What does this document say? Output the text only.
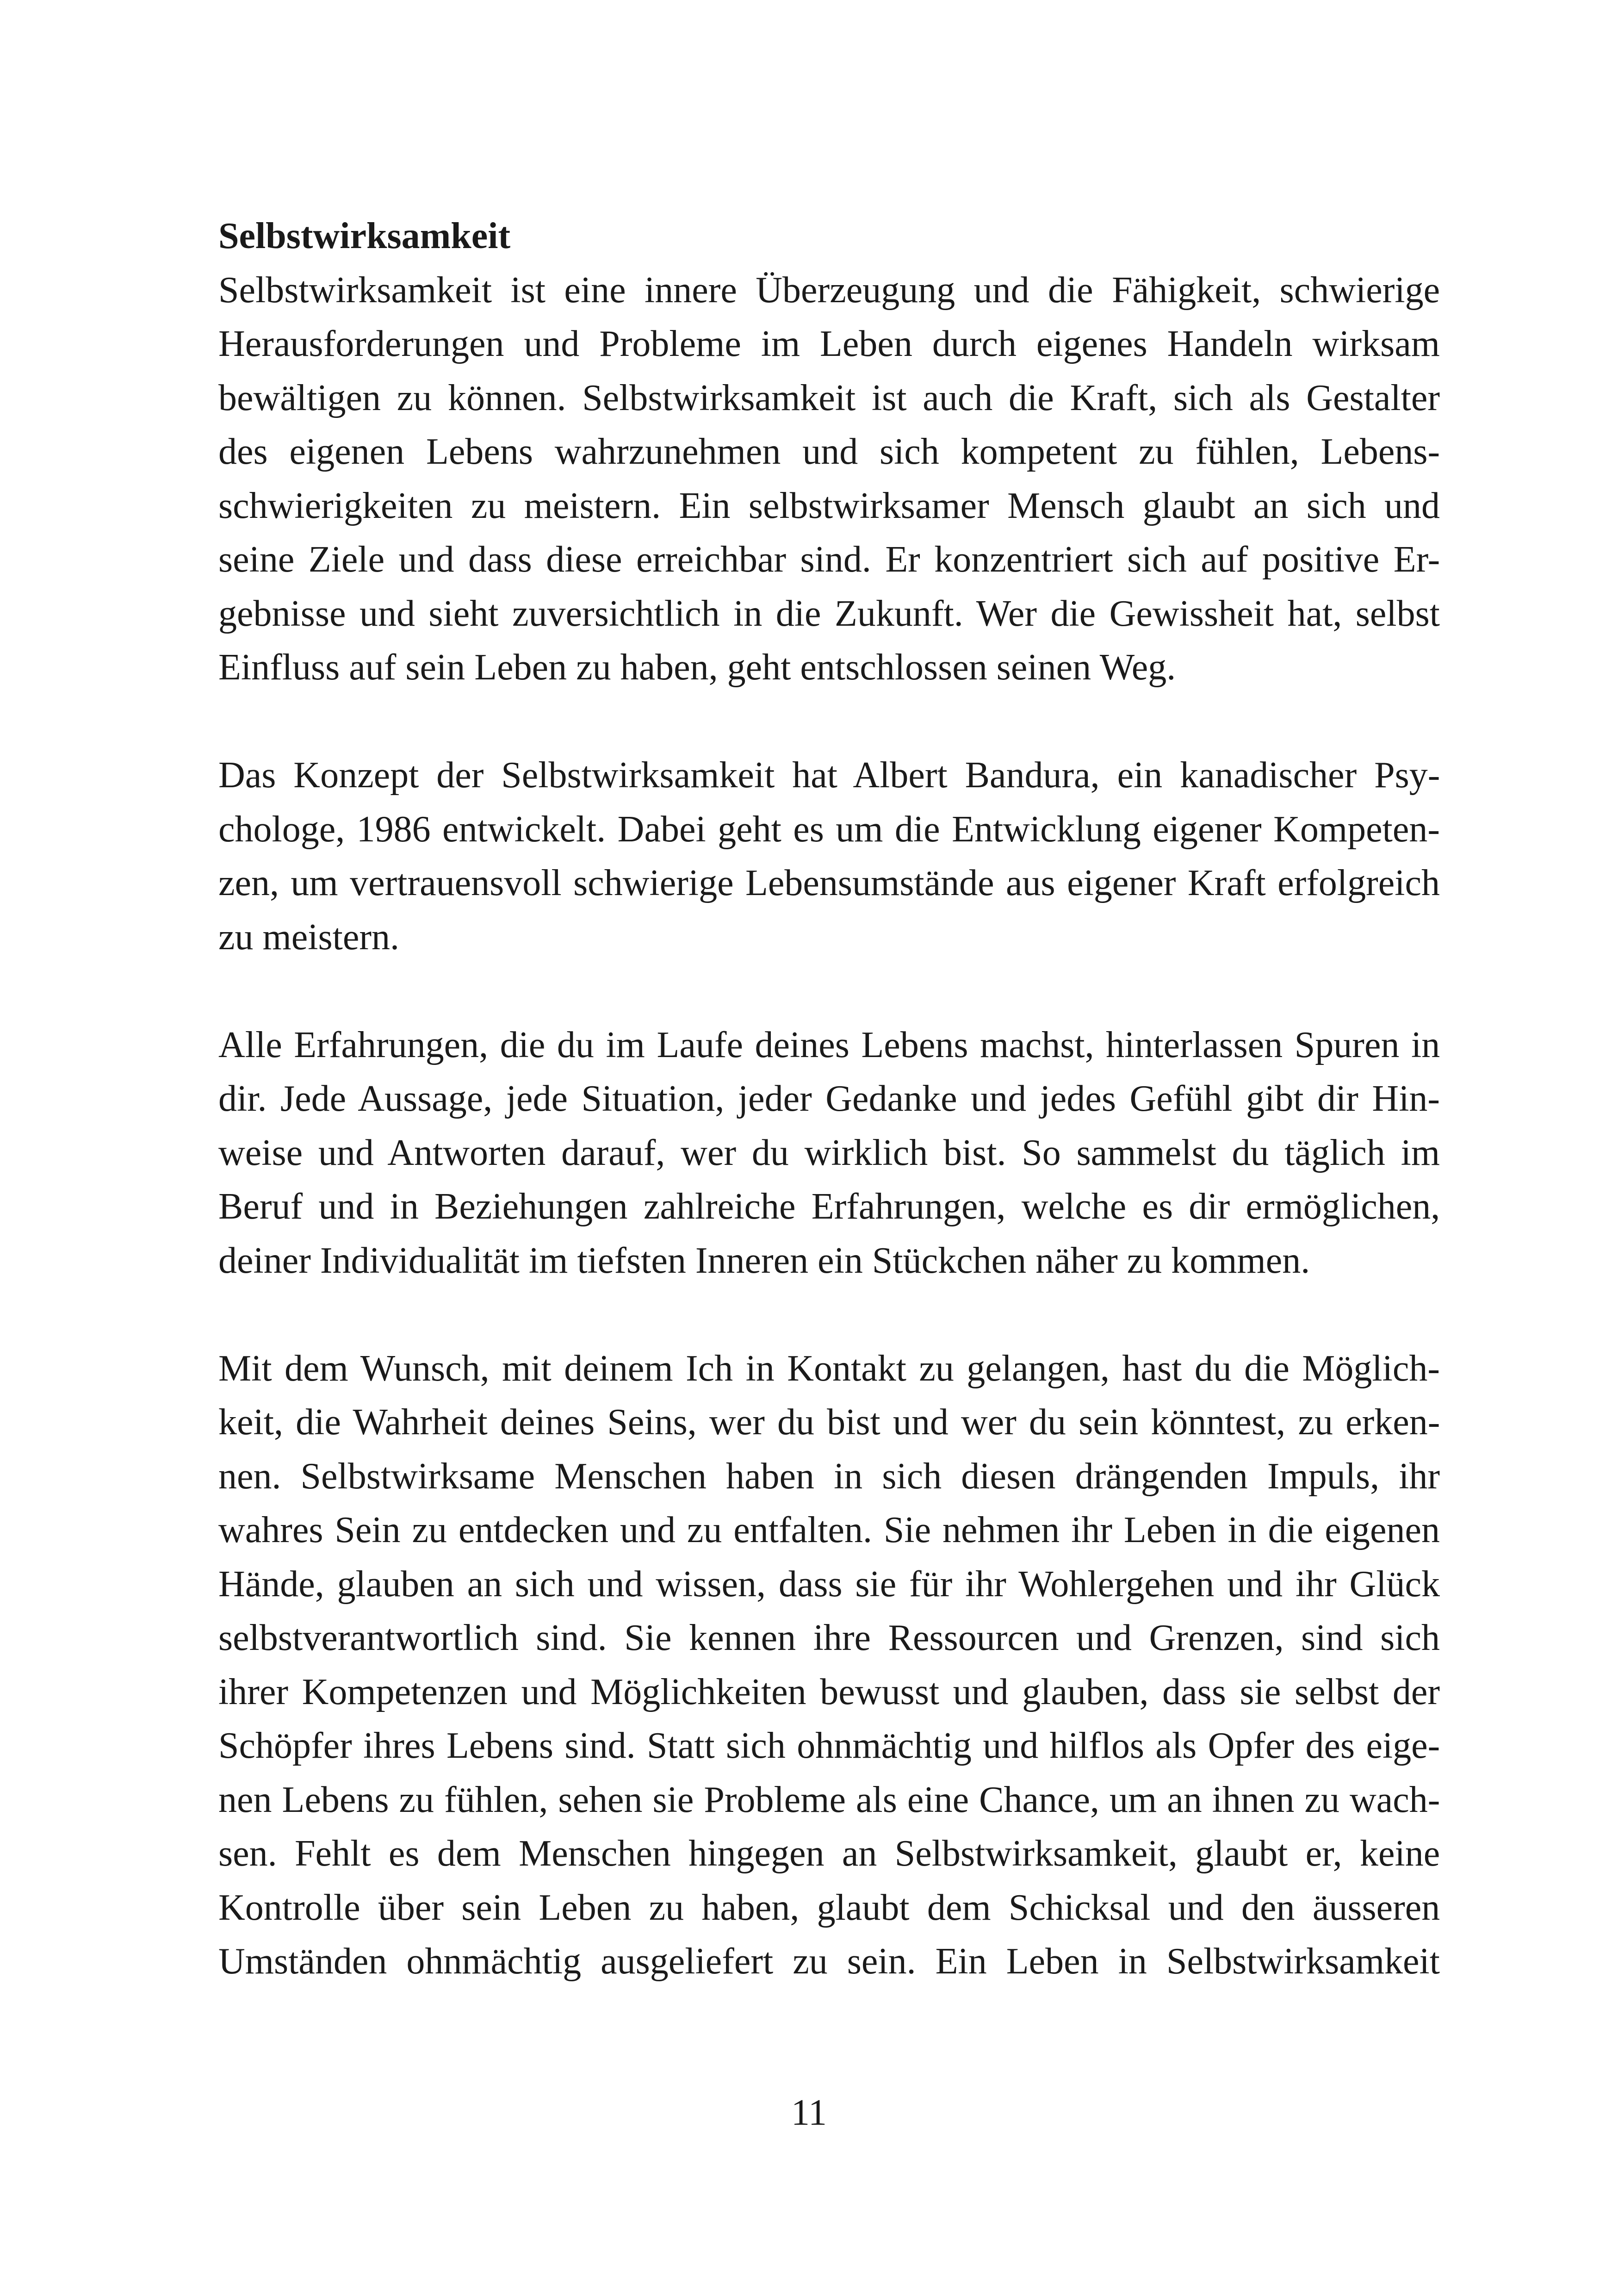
Selbstwirksamkeit
Selbstwirksamkeit ist eine innere Überzeugung und die Fähigkeit, schwierige
Herausforderungen und Probleme im Leben durch eigenes Handeln wirksam
bewältigen zu können. Selbstwirksamkeit ist auch die Kraft, sich als Gestalter
des eigenen Lebens wahrzunehmen und sich kompetent zu fühlen, Lebens-
schwierigkeiten zu meistern. Ein selbstwirksamer Mensch glaubt an sich und
seine Ziele und dass diese erreichbar sind. Er konzentriert sich auf positive Er-
gebnisse und sieht zuversichtlich in die Zukunft. Wer die Gewissheit hat, selbst
Einfluss auf sein Leben zu haben, geht entschlossen seinen Weg.
Das Konzept der Selbstwirksamkeit hat Albert Bandura, ein kanadischer Psy-
chologe, 1986 entwickelt. Dabei geht es um die Entwicklung eigener Kompeten-
zen, um vertrauensvoll schwierige Lebensumstände aus eigener Kraft erfolgreich
zu meistern.
Alle Erfahrungen, die du im Laufe deines Lebens machst, hinterlassen Spuren in
dir. Jede Aussage, jede Situation, jeder Gedanke und jedes Gefühl gibt dir Hin-
weise und Antworten darauf, wer du wirklich bist. So sammelst du täglich im
Beruf und in Beziehungen zahlreiche Erfahrungen, welche es dir ermöglichen,
deiner Individualität im tiefsten Inneren ein Stückchen näher zu kommen.
Mit dem Wunsch, mit deinem Ich in Kontakt zu gelangen, hast du die Möglich-
keit, die Wahrheit deines Seins, wer du bist und wer du sein könntest, zu erken-
nen. Selbstwirksame Menschen haben in sich diesen drängenden Impuls, ihr
wahres Sein zu entdecken und zu entfalten. Sie nehmen ihr Leben in die eigenen
Hände, glauben an sich und wissen, dass sie für ihr Wohlergehen und ihr Glück
selbstverantwortlich sind. Sie kennen ihre Ressourcen und Grenzen, sind sich
ihrer Kompetenzen und Möglichkeiten bewusst und glauben, dass sie selbst der
Schöpfer ihres Lebens sind. Statt sich ohnmächtig und hilflos als Opfer des eige-
nen Lebens zu fühlen, sehen sie Probleme als eine Chance, um an ihnen zu wach-
sen. Fehlt es dem Menschen hingegen an Selbstwirksamkeit, glaubt er, keine
Kontrolle über sein Leben zu haben, glaubt dem Schicksal und den äusseren
Umständen ohnmächtig ausgeliefert zu sein. Ein Leben in Selbstwirksamkeit
11
